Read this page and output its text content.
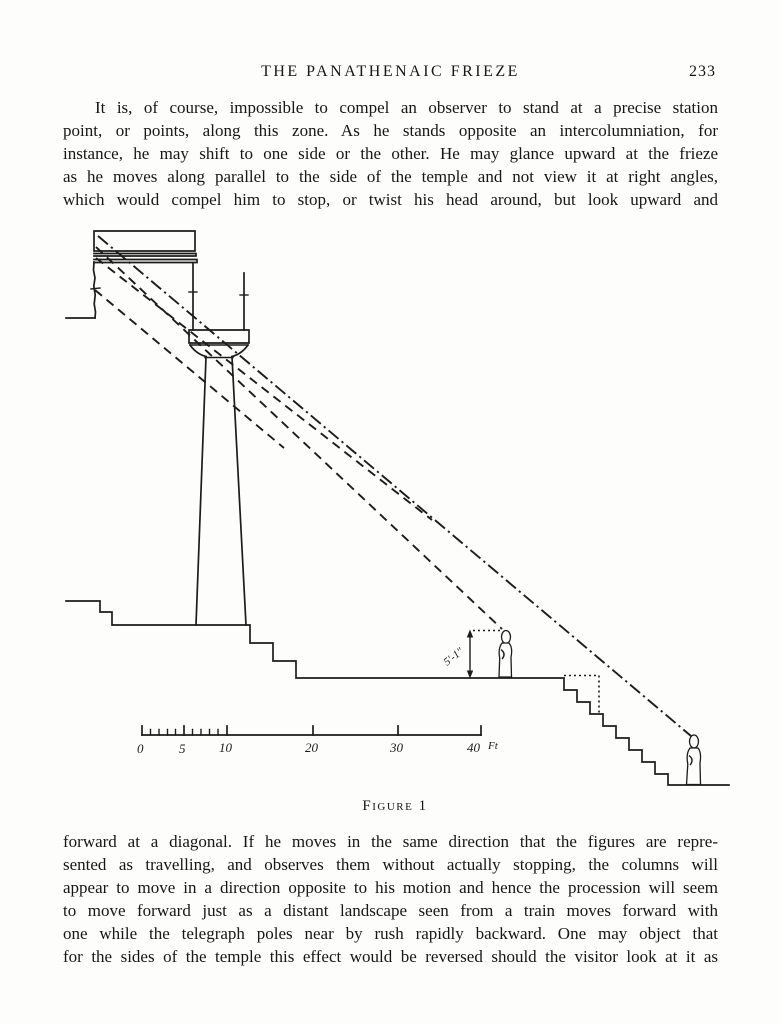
THE PANATHENAIC FRIEZE	233
It is, of course, impossible to compel an observer to stand at a precise station
point, or points, along this zone. As he stands opposite an intercolumniation, for
instance, he may shift to one side or the other. He may glance upward at the frieze
as he moves along parallel to the side of the temple and not view it at right angles,
which would compel him to stop, or twist his head around, but look upward and
5'-1"
0	5	10	20	30	40 Ft
Figure 1
forward at a diagonal. If he moves in the same direction that the figures are repre-
sented as travelling, and observes them without actually stopping, the columns will
appear to move in a direction opposite to his motion and hence the procession will seem
to move forward just as a distant landscape seen from a train moves forward with
one while the telegraph poles near by rush rapidly backward. One may object that
for the sides of the temple this effect would be reversed should the visitor look at it as
